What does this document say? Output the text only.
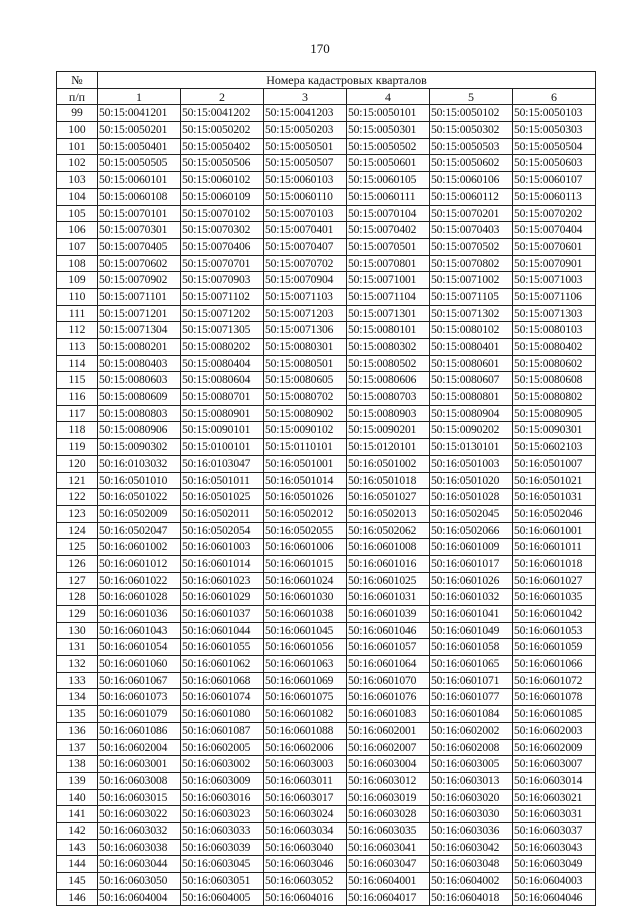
170
№	Номера кадастровых кварталов					
п/п	1	2	3	4	5	6
99	50:15:0041201	50:15:0041202	50:15:0041203	50:15:0050101	50:15:0050102	50:15:0050103
100	50:15:0050201	50:15:0050202	50:15:0050203	50:15:0050301	50:15:0050302	50:15:0050303
101	50:15:0050401	50:15:0050402	50:15:0050501	50:15:0050502	50:15:0050503	50:15:0050504
102	50:15:0050505	50:15:0050506	50:15:0050507	50:15:0050601	50:15:0050602	50:15:0050603
103	50:15:0060101	50:15:0060102	50:15:0060103	50:15:0060105	50:15:0060106	50:15:0060107
104	50:15:0060108	50:15:0060109	50:15:0060110	50:15:0060111	50:15:0060112	50:15:0060113
105	50:15:0070101	50:15:0070102	50:15:0070103	50:15:0070104	50:15:0070201	50:15:0070202
106	50:15:0070301	50:15:0070302	50:15:0070401	50:15:0070402	50:15:0070403	50:15:0070404
107	50:15:0070405	50:15:0070406	50:15:0070407	50:15:0070501	50:15:0070502	50:15:0070601
108	50:15:0070602	50:15:0070701	50:15:0070702	50:15:0070801	50:15:0070802	50:15:0070901
109	50:15:0070902	50:15:0070903	50:15:0070904	50:15:0071001	50:15:0071002	50:15:0071003
110	50:15:0071101	50:15:0071102	50:15:0071103	50:15:0071104	50:15:0071105	50:15:0071106
111	50:15:0071201	50:15:0071202	50:15:0071203	50:15:0071301	50:15:0071302	50:15:0071303
112	50:15:0071304	50:15:0071305	50:15:0071306	50:15:0080101	50:15:0080102	50:15:0080103
113	50:15:0080201	50:15:0080202	50:15:0080301	50:15:0080302	50:15:0080401	50:15:0080402
114	50:15:0080403	50:15:0080404	50:15:0080501	50:15:0080502	50:15:0080601	50:15:0080602
115	50:15:0080603	50:15:0080604	50:15:0080605	50:15:0080606	50:15:0080607	50:15:0080608
116	50:15:0080609	50:15:0080701	50:15:0080702	50:15:0080703	50:15:0080801	50:15:0080802
117	50:15:0080803	50:15:0080901	50:15:0080902	50:15:0080903	50:15:0080904	50:15:0080905
118	50:15:0080906	50:15:0090101	50:15:0090102	50:15:0090201	50:15:0090202	50:15:0090301
119	50:15:0090302	50:15:0100101	50:15:0110101	50:15:0120101	50:15:0130101	50:15:0602103
120	50:16:0103032	50:16:0103047	50:16:0501001	50:16:0501002	50:16:0501003	50:16:0501007
121	50:16:0501010	50:16:0501011	50:16:0501014	50:16:0501018	50:16:0501020	50:16:0501021
122	50:16:0501022	50:16:0501025	50:16:0501026	50:16:0501027	50:16:0501028	50:16:0501031
123	50:16:0502009	50:16:0502011	50:16:0502012	50:16:0502013	50:16:0502045	50:16:0502046
124	50:16:0502047	50:16:0502054	50:16:0502055	50:16:0502062	50:16:0502066	50:16:0601001
125	50:16:0601002	50:16:0601003	50:16:0601006	50:16:0601008	50:16:0601009	50:16:0601011
126	50:16:0601012	50:16:0601014	50:16:0601015	50:16:0601016	50:16:0601017	50:16:0601018
127	50:16:0601022	50:16:0601023	50:16:0601024	50:16:0601025	50:16:0601026	50:16:0601027
128	50:16:0601028	50:16:0601029	50:16:0601030	50:16:0601031	50:16:0601032	50:16:0601035
129	50:16:0601036	50:16:0601037	50:16:0601038	50:16:0601039	50:16:0601041	50:16:0601042
130	50:16:0601043	50:16:0601044	50:16:0601045	50:16:0601046	50:16:0601049	50:16:0601053
131	50:16:0601054	50:16:0601055	50:16:0601056	50:16:0601057	50:16:0601058	50:16:0601059
132	50:16:0601060	50:16:0601062	50:16:0601063	50:16:0601064	50:16:0601065	50:16:0601066
133	50:16:0601067	50:16:0601068	50:16:0601069	50:16:0601070	50:16:0601071	50:16:0601072
134	50:16:0601073	50:16:0601074	50:16:0601075	50:16:0601076	50:16:0601077	50:16:0601078
135	50:16:0601079	50:16:0601080	50:16:0601082	50:16:0601083	50:16:0601084	50:16:0601085
136	50:16:0601086	50:16:0601087	50:16:0601088	50:16:0602001	50:16:0602002	50:16:0602003
137	50:16:0602004	50:16:0602005	50:16:0602006	50:16:0602007	50:16:0602008	50:16:0602009
138	50:16:0603001	50:16:0603002	50:16:0603003	50:16:0603004	50:16:0603005	50:16:0603007
139	50:16:0603008	50:16:0603009	50:16:0603011	50:16:0603012	50:16:0603013	50:16:0603014
140	50:16:0603015	50:16:0603016	50:16:0603017	50:16:0603019	50:16:0603020	50:16:0603021
141	50:16:0603022	50:16:0603023	50:16:0603024	50:16:0603028	50:16:0603030	50:16:0603031
142	50:16:0603032	50:16:0603033	50:16:0603034	50:16:0603035	50:16:0603036	50:16:0603037
143	50:16:0603038	50:16:0603039	50:16:0603040	50:16:0603041	50:16:0603042	50:16:0603043
144	50:16:0603044	50:16:0603045	50:16:0603046	50:16:0603047	50:16:0603048	50:16:0603049
145	50:16:0603050	50:16:0603051	50:16:0603052	50:16:0604001	50:16:0604002	50:16:0604003
146	50:16:0604004	50:16:0604005	50:16:0604016	50:16:0604017	50:16:0604018	50:16:0604046
